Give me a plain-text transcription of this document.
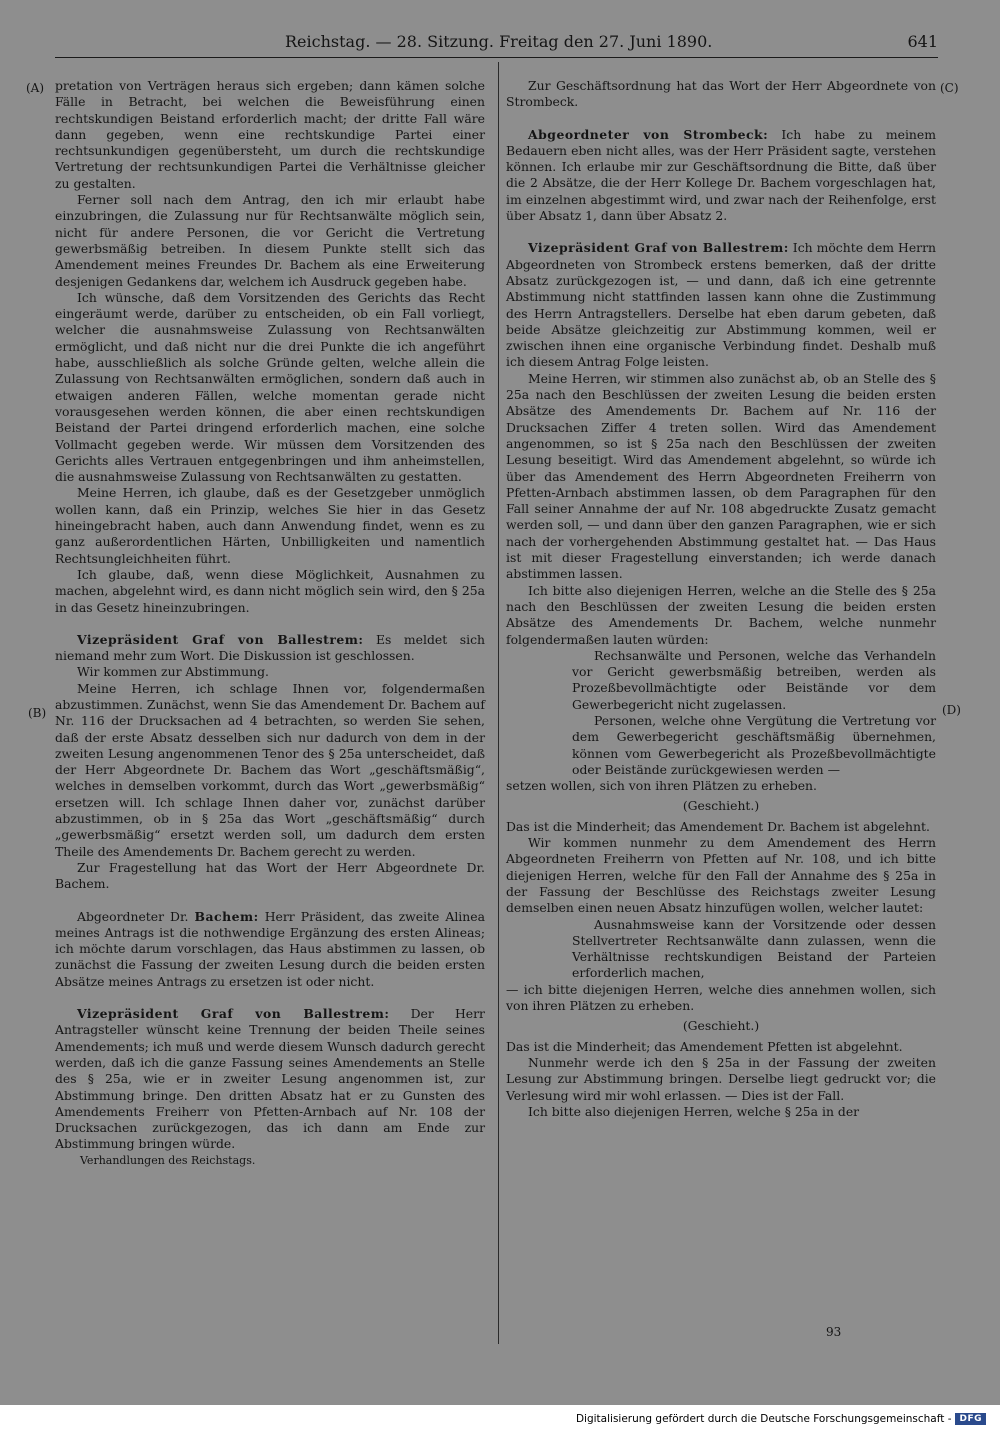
Reichstag. — 28. Sitzung. Freitag den 27. Juni 1890.	641
(A)
(B)
(C)
(D)

pretation von Verträgen heraus sich ergeben; dann kämen solche Fälle in Betracht, bei welchen die Beweisführung einen rechtskundigen Beistand erforderlich macht; der dritte Fall wäre dann gegeben, wenn eine rechtskundige Partei einer rechtsunkundigen gegenübersteht, um durch die rechtskundige Vertretung der rechtsunkundigen Partei die Verhältnisse gleicher zu gestalten.

Ferner soll nach dem Antrag, den ich mir erlaubt habe einzubringen, die Zulassung nur für Rechtsanwälte möglich sein, nicht für andere Personen, die vor Gericht die Vertretung gewerbsmäßig betreiben. In diesem Punkte stellt sich das Amendement meines Freundes Dr. Bachem als eine Erweiterung desjenigen Gedankens dar, welchem ich Ausdruck gegeben habe.

Ich wünsche, daß dem Vorsitzenden des Gerichts das Recht eingeräumt werde, darüber zu entscheiden, ob ein Fall vorliegt, welcher die ausnahmsweise Zulassung von Rechtsanwälten ermöglicht, und daß nicht nur die drei Punkte die ich angeführt habe, ausschließlich als solche Gründe gelten, welche allein die Zulassung von Rechtsanwälten ermöglichen, sondern daß auch in etwaigen anderen Fällen, welche momentan gerade nicht vorausgesehen werden können, die aber einen rechtskundigen Beistand der Partei dringend erforderlich machen, eine solche Vollmacht gegeben werde. Wir müssen dem Vorsitzenden des Gerichts alles Vertrauen entgegenbringen und ihm anheimstellen, die ausnahmsweise Zulassung von Rechtsanwälten zu gestatten.

Meine Herren, ich glaube, daß es der Gesetzgeber unmöglich wollen kann, daß ein Prinzip, welches Sie hier in das Gesetz hineingebracht haben, auch dann Anwendung findet, wenn es zu ganz außerordentlichen Härten, Unbilligkeiten und namentlich Rechtsungleichheiten führt.

Ich glaube, daß, wenn diese Möglichkeit, Ausnahmen zu machen, abgelehnt wird, es dann nicht möglich sein wird, den § 25a in das Gesetz hineinzubringen.

Vizepräsident Graf von Ballestrem: Es meldet sich niemand mehr zum Wort. Die Diskussion ist geschlossen.

Wir kommen zur Abstimmung.

Meine Herren, ich schlage Ihnen vor, folgendermaßen abzustimmen. Zunächst, wenn Sie das Amendement Dr. Bachem auf Nr. 116 der Drucksachen ad 4 betrachten, so werden Sie sehen, daß der erste Absatz desselben sich nur dadurch von dem in der zweiten Lesung angenommenen Tenor des § 25a unterscheidet, daß der Herr Abgeordnete Dr. Bachem das Wort „geschäftsmäßig“, welches in demselben vorkommt, durch das Wort „gewerbsmäßig“ ersetzen will. Ich schlage Ihnen daher vor, zunächst darüber abzustimmen, ob in § 25a das Wort „geschäftsmäßig“ durch „gewerbsmäßig“ ersetzt werden soll, um dadurch dem ersten Theile des Amendements Dr. Bachem gerecht zu werden.

Zur Fragestellung hat das Wort der Herr Abgeordnete Dr. Bachem.

Abgeordneter Dr. Bachem: Herr Präsident, das zweite Alinea meines Antrags ist die nothwendige Ergänzung des ersten Alineas; ich möchte darum vorschlagen, das Haus abstimmen zu lassen, ob zunächst die Fassung der zweiten Lesung durch die beiden ersten Absätze meines Antrags zu ersetzen ist oder nicht.

Vizepräsident Graf von Ballestrem: Der Herr Antragsteller wünscht keine Trennung der beiden Theile seines Amendements; ich muß und werde diesem Wunsch dadurch gerecht werden, daß ich die ganze Fassung seines Amendements an Stelle des § 25a, wie er in zweiter Lesung angenommen ist, zur Abstimmung bringe. Den dritten Absatz hat er zu Gunsten des Amendements Freiherr von Pfetten-Arnbach auf Nr. 108 der Drucksachen zurückgezogen, das ich dann am Ende zur Abstimmung bringen würde.

Verhandlungen des Reichstags.

Zur Geschäftsordnung hat das Wort der Herr Abgeordnete von Strombeck.

Abgeordneter von Strombeck: Ich habe zu meinem Bedauern eben nicht alles, was der Herr Präsident sagte, verstehen können. Ich erlaube mir zur Geschäftsordnung die Bitte, daß über die 2 Absätze, die der Herr Kollege Dr. Bachem vorgeschlagen hat, im einzelnen abgestimmt wird, und zwar nach der Reihenfolge, erst über Absatz 1, dann über Absatz 2.

Vizepräsident Graf von Ballestrem: Ich möchte dem Herrn Abgeordneten von Strombeck erstens bemerken, daß der dritte Absatz zurückgezogen ist, — und dann, daß ich eine getrennte Abstimmung nicht stattfinden lassen kann ohne die Zustimmung des Herrn Antragstellers. Derselbe hat eben darum gebeten, daß beide Absätze gleichzeitig zur Abstimmung kommen, weil er zwischen ihnen eine organische Verbindung findet. Deshalb muß ich diesem Antrag Folge leisten.

Meine Herren, wir stimmen also zunächst ab, ob an Stelle des § 25a nach den Beschlüssen der zweiten Lesung die beiden ersten Absätze des Amendements Dr. Bachem auf Nr. 116 der Drucksachen Ziffer 4 treten sollen. Wird das Amendement angenommen, so ist § 25a nach den Beschlüssen der zweiten Lesung beseitigt. Wird das Amendement abgelehnt, so würde ich über das Amendement des Herrn Abgeordneten Freiherrn von Pfetten-Arnbach abstimmen lassen, ob dem Paragraphen für den Fall seiner Annahme der auf Nr. 108 abgedruckte Zusatz gemacht werden soll, — und dann über den ganzen Paragraphen, wie er sich nach der vorhergehenden Abstimmung gestaltet hat. — Das Haus ist mit dieser Fragestellung einverstanden; ich werde danach abstimmen lassen.

Ich bitte also diejenigen Herren, welche an die Stelle des § 25a nach den Beschlüssen der zweiten Lesung die beiden ersten Absätze des Amendements Dr. Bachem, welche nunmehr folgendermaßen lauten würden:

Rechsanwälte und Personen, welche das Verhandeln vor Gericht gewerbsmäßig betreiben, werden als Prozeßbevollmächtigte oder Beistände vor dem Gewerbegericht nicht zugelassen.

Personen, welche ohne Vergütung die Vertretung vor dem Gewerbegericht geschäftsmäßig übernehmen, können vom Gewerbegericht als Prozeßbevollmächtigte oder Beistände zurückgewiesen werden —

setzen wollen, sich von ihren Plätzen zu erheben.

(Geschieht.)

Das ist die Minderheit; das Amendement Dr. Bachem ist abgelehnt.

Wir kommen nunmehr zu dem Amendement des Herrn Abgeordneten Freiherrn von Pfetten auf Nr. 108, und ich bitte diejenigen Herren, welche für den Fall der Annahme des § 25a in der Fassung der Beschlüsse des Reichstags zweiter Lesung demselben einen neuen Absatz hinzufügen wollen, welcher lautet:

Ausnahmsweise kann der Vorsitzende oder dessen Stellvertreter Rechtsanwälte dann zulassen, wenn die Verhältnisse rechtskundigen Beistand der Parteien erforderlich machen,

— ich bitte diejenigen Herren, welche dies annehmen wollen, sich von ihren Plätzen zu erheben.

(Geschieht.)

Das ist die Minderheit; das Amendement Pfetten ist abgelehnt.

Nunmehr werde ich den § 25a in der Fassung der zweiten Lesung zur Abstimmung bringen. Derselbe liegt gedruckt vor; die Verlesung wird mir wohl erlassen. — Dies ist der Fall.

Ich bitte also diejenigen Herren, welche § 25a in der

93
Digitalisierung gefördert durch die Deutsche Forschungsgemeinschaft - DFG
